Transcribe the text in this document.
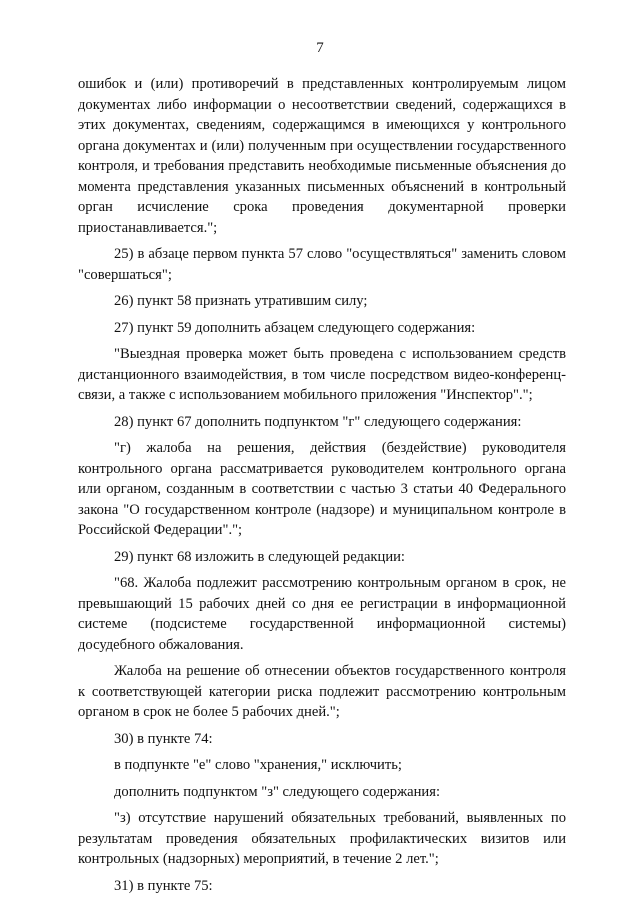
7

ошибок и (или) противоречий в представленных контролируемым лицом документах либо информации о несоответствии сведений, содержащихся в этих документах, сведениям, содержащимся в имеющихся у контрольного органа документах и (или) полученным при осуществлении государственного контроля, и требования представить необходимые письменные объяснения до момента представления указанных письменных объяснений в контрольный орган исчисление срока проведения документарной проверки приостанавливается.";

25) в абзаце первом пункта 57 слово "осуществляться" заменить словом "совершаться";

26) пункт 58 признать утратившим силу;

27) пункт 59 дополнить абзацем следующего содержания:

"Выездная проверка может быть проведена с использованием средств дистанционного взаимодействия, в том числе посредством видео-конференц-связи, а также с использованием мобильного приложения "Инспектор".";

28) пункт 67 дополнить подпунктом "г" следующего содержания:

"г) жалоба на решения, действия (бездействие) руководителя контрольного органа рассматривается руководителем контрольного органа или органом, созданным в соответствии с частью 3 статьи 40 Федерального закона "О государственном контроле (надзоре) и муниципальном контроле в Российской Федерации".";

29) пункт 68 изложить в следующей редакции:

"68. Жалоба подлежит рассмотрению контрольным органом в срок, не превышающий 15 рабочих дней со дня ее регистрации в информационной системе (подсистеме государственной информационной системы) досудебного обжалования.

Жалоба на решение об отнесении объектов государственного контроля к соответствующей категории риска подлежит рассмотрению контрольным органом в срок не более 5 рабочих дней.";

30) в пункте 74:

в подпункте "е" слово "хранения," исключить;

дополнить подпунктом "з" следующего содержания:

"з) отсутствие нарушений обязательных требований, выявленных по результатам проведения обязательных профилактических визитов или контрольных (надзорных) мероприятий, в течение 2 лет.";

31) в пункте 75:
